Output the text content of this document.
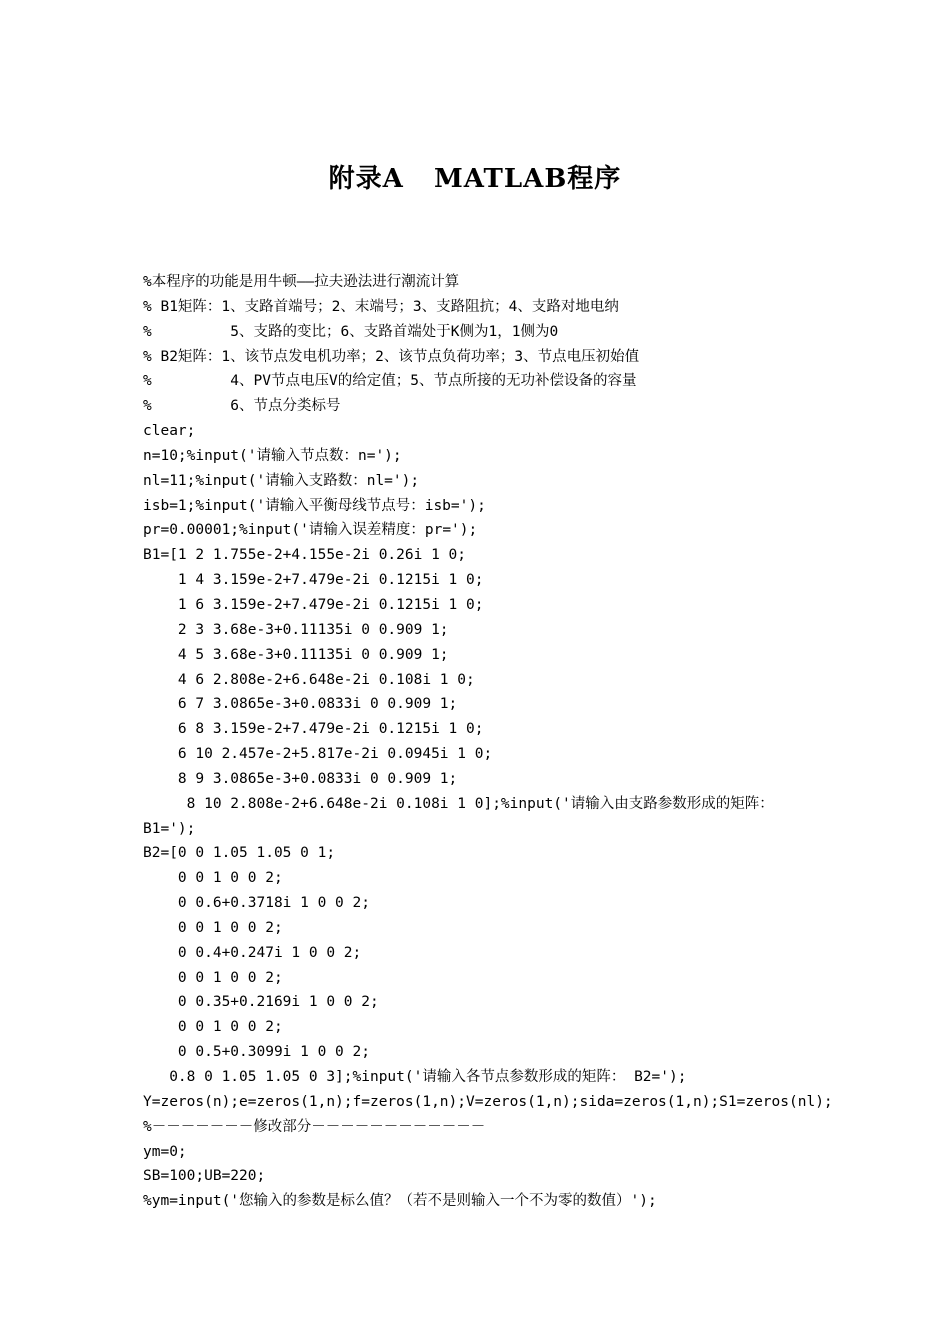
附录A   MATLAB程序
%本程序的功能是用牛顿——拉夫逊法进行潮流计算
% B1矩阵：1、支路首端号；2、末端号；3、支路阻抗；4、支路对地电纳
%         5、支路的变比；6、支路首端处于K侧为1，1侧为0
% B2矩阵：1、该节点发电机功率；2、该节点负荷功率；3、节点电压初始值
%         4、PV节点电压V的给定值；5、节点所接的无功补偿设备的容量
%         6、节点分类标号
clear;
n=10;%input('请输入节点数：n=');
nl=11;%input('请输入支路数：nl=');
isb=1;%input('请输入平衡母线节点号：isb=');
pr=0.00001;%input('请输入误差精度：pr=');
B1=[1 2 1.755e-2+4.155e-2i 0.26i 1 0;
1 4 3.159e-2+7.479e-2i 0.1215i 1 0;
1 6 3.159e-2+7.479e-2i 0.1215i 1 0;
2 3 3.68e-3+0.11135i 0 0.909 1;
4 5 3.68e-3+0.11135i 0 0.909 1;
4 6 2.808e-2+6.648e-2i 0.108i 1 0;
6 7 3.0865e-3+0.0833i 0 0.909 1;
6 8 3.159e-2+7.479e-2i 0.1215i 1 0;
6 10 2.457e-2+5.817e-2i 0.0945i 1 0;
8 9 3.0865e-3+0.0833i 0 0.909 1;
8 10 2.808e-2+6.648e-2i 0.108i 1 0];%input('请输入由支路参数形成的矩阵：
B1=');
B2=[0 0 1.05 1.05 0 1;
0 0 1 0 0 2;
0 0.6+0.3718i 1 0 0 2;
0 0 1 0 0 2;
0 0.4+0.247i 1 0 0 2;
0 0 1 0 0 2;
0 0.35+0.2169i 1 0 0 2;
0 0 1 0 0 2;
0 0.5+0.3099i 1 0 0 2;
0.8 0 1.05 1.05 0 3];%input('请输入各节点参数形成的矩阵： B2=');
Y=zeros(n);e=zeros(1,n);f=zeros(1,n);V=zeros(1,n);sida=zeros(1,n);S1=zeros(nl);
%－－－－－－－修改部分－－－－－－－－－－－－
ym=0;
SB=100;UB=220;
%ym=input('您输入的参数是标么值？（若不是则输入一个不为零的数值）');
